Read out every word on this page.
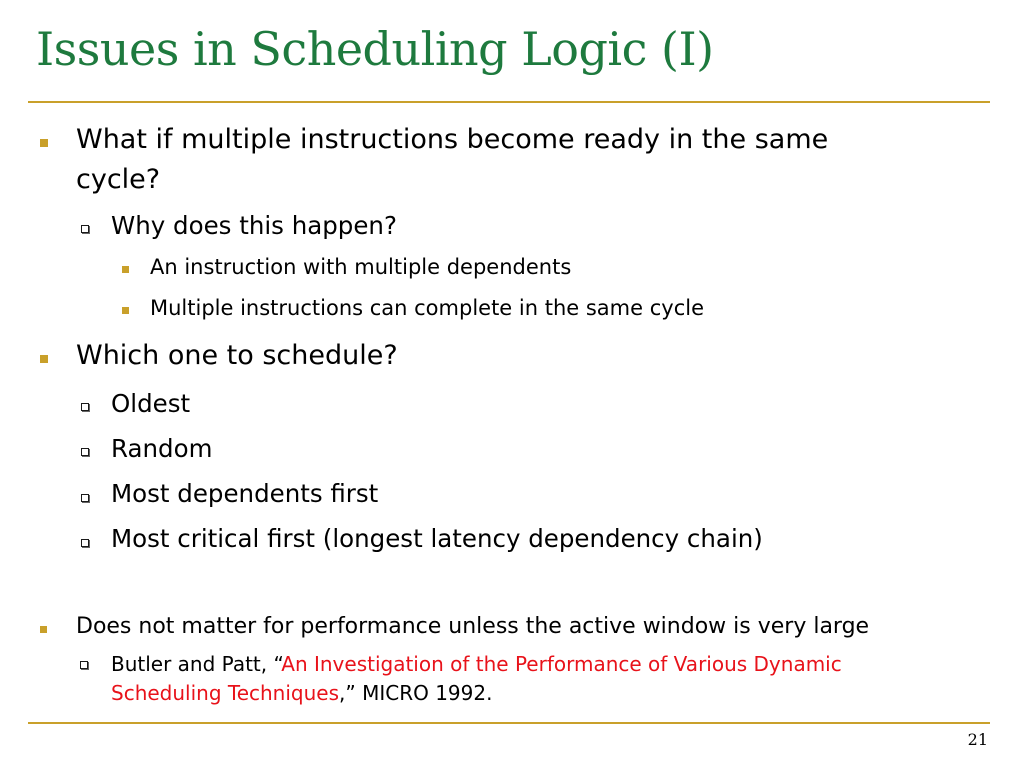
Issues in Scheduling Logic (I)
What if multiple instructions become ready in the same
cycle?
Why does this happen?
An instruction with multiple dependents
Multiple instructions can complete in the same cycle
Which one to schedule?
Oldest
Random
Most dependents first
Most critical first (longest latency dependency chain)
Does not matter for performance unless the active window is very large
Butler and Patt, “An Investigation of the Performance of Various Dynamic
Scheduling Techniques,” MICRO 1992.
21
